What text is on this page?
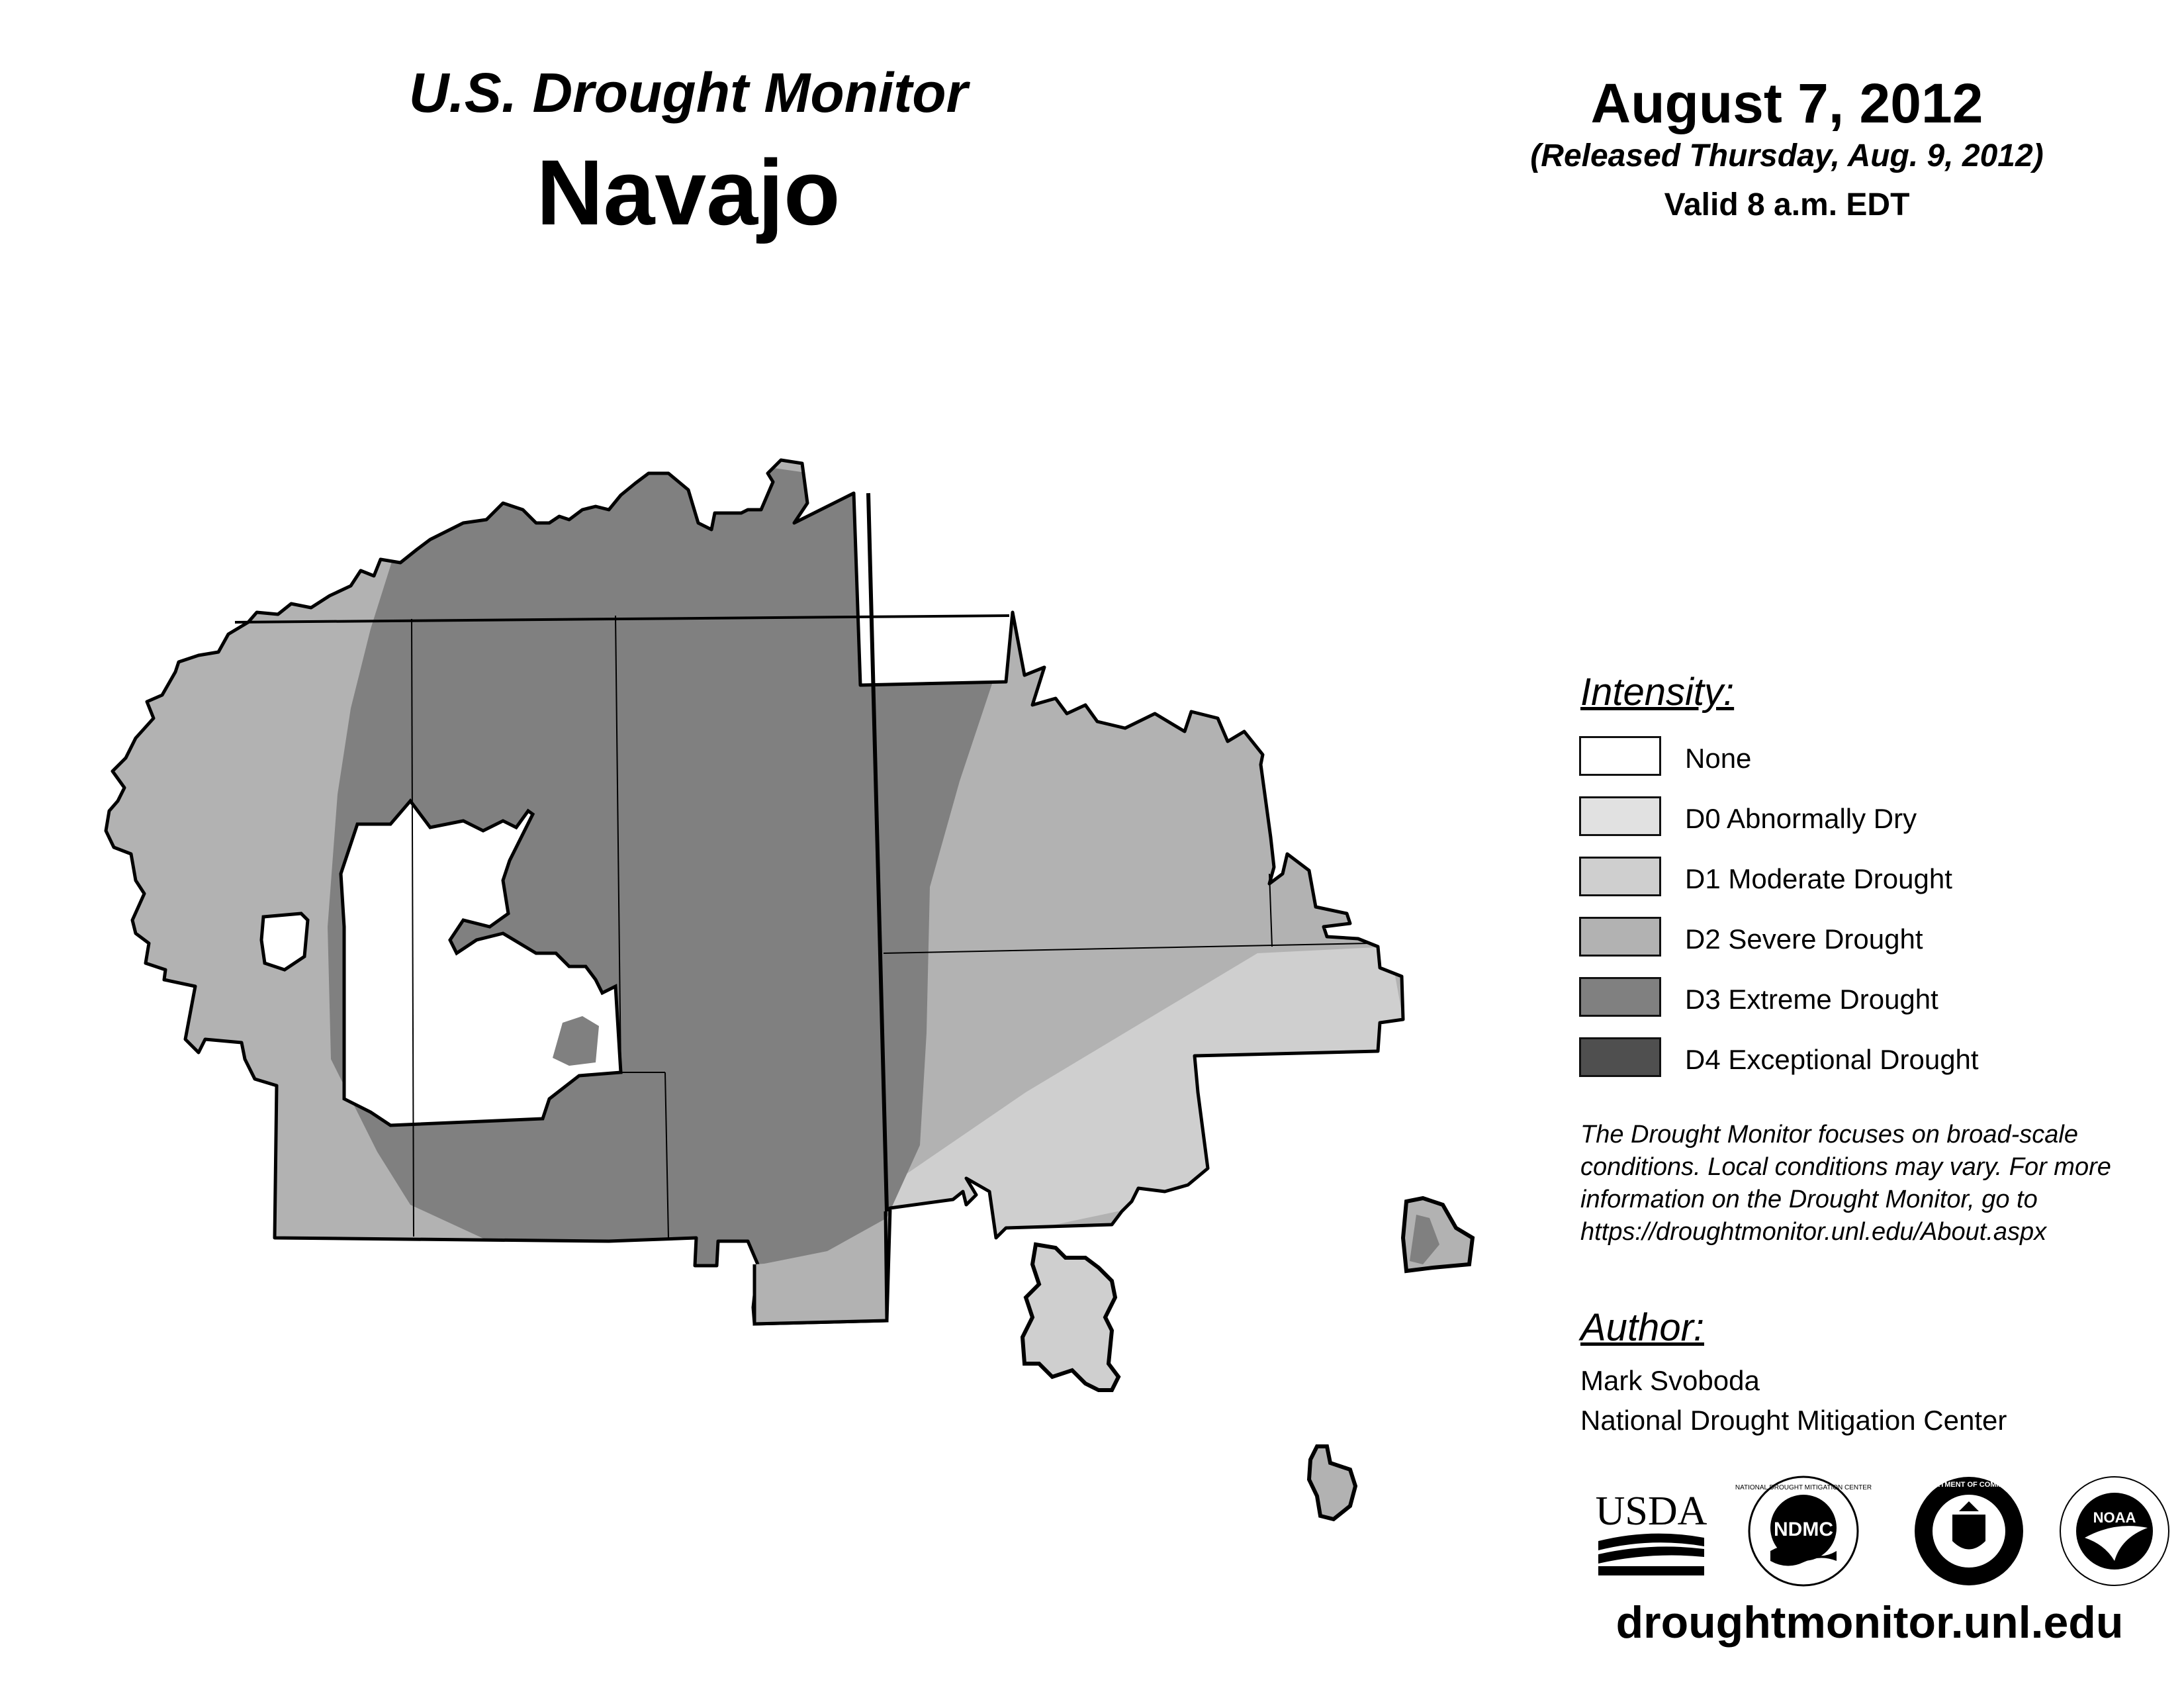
U.S. Drought Monitor
Navajo
August 7, 2012
(Released Thursday, Aug. 9, 2012)
Valid 8 a.m. EDT
Intensity:
None
D0 Abnormally Dry
D1 Moderate Drought
D2 Severe Drought
D3 Extreme Drought
D4 Exceptional Drought
The Drought Monitor focuses on broad-scale conditions. Local conditions may vary. For more information on the Drought Monitor, go to https://droughtmonitor.unl.edu/About.aspx
Author:
Mark Svoboda
National Drought Mitigation Center
USDA	NDMC
NATIONAL DROUGHT MITIGATION CENTER	DEPARTMENT OF COMMERCE
NOAA
droughtmonitor.unl.edu
